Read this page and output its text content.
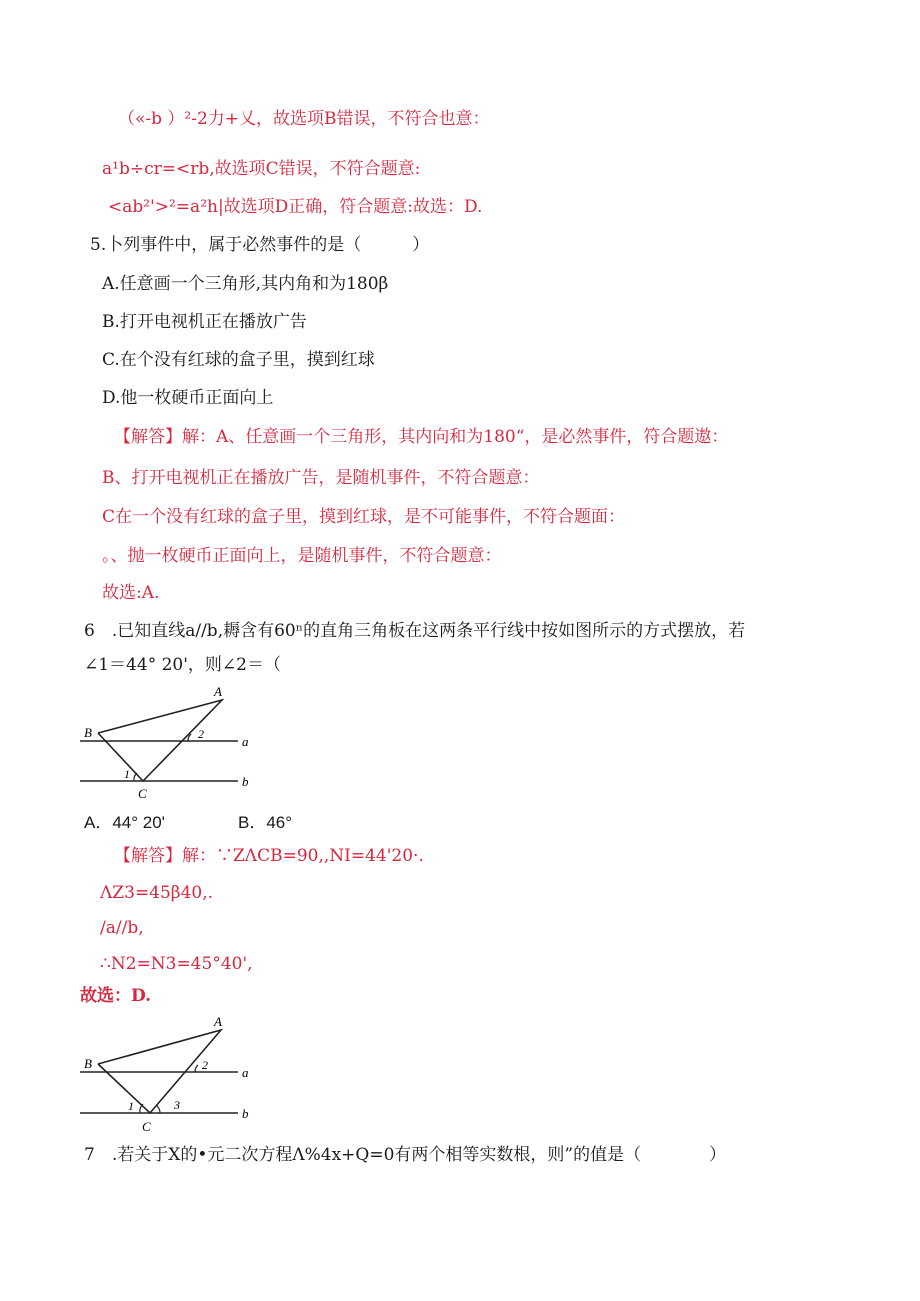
（«-b ）²-2力+乂，故选项B错误，不符合也意：
a¹b÷cr=<rb,故选项C错误，不符合题意:
<ab²'>²=a²h|故选项D正确，符合题意:故选：D.
5.卜列事件中，属于必然事件的是（　　　）
A.任意画一个三角形,其内角和为180β
B.打开电视机正在播放广告
C.在个没有红球的盒子里，摸到红球
D.他一枚硬币正面向上
【解答】解：A、任意画一个三角形，其内向和为180“，是必然事件，符合题遨：
B、打开电视机正在播放广告，是随机事件，不符合题意：
C在一个没有红球的盒子里，摸到红球，是不可能事件，不符合题面：
。、抛一枚硬币正面向上，是随机事件，不符合题意：
故选:A.
6　.已知直线a//b,耨含有60ⁿ的直角三角板在这两条平行线中按如图所示的方式摆放，若
∠1＝44° 20'，则∠2＝（
A
B
C
a
b
1
2
A．44° 20'	B．46°
【解答】解：∵ZΛCB=90,,NI=44'20·.
ΛZ3=45β40,.
∕a//b,
∴N2=N3=45°40',
故选：D.
A
B
C
a
b
1
2
3
7　.若关于X的•元二次方程Λ%4x+Q=0有两个相等实数根，则”的值是（　　　　）
